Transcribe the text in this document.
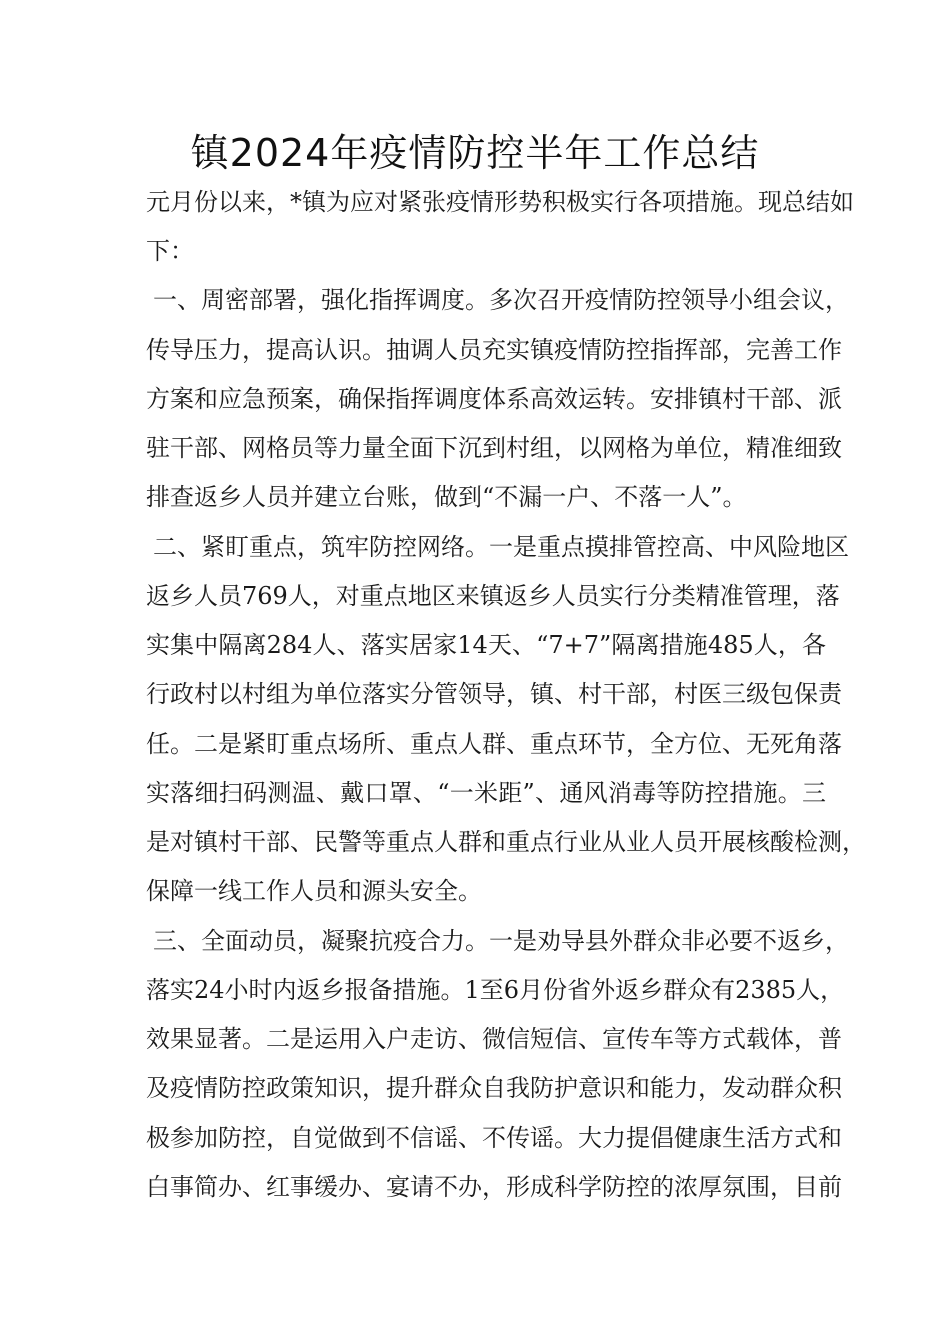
镇2024年疫情防控半年工作总结
元月份以来，*镇为应对紧张疫情形势积极实行各项措施。现总结如
下：
一、周密部署，强化指挥调度。多次召开疫情防控领导小组会议，
传导压力，提高认识。抽调人员充实镇疫情防控指挥部，完善工作
方案和应急预案，确保指挥调度体系高效运转。安排镇村干部、派
驻干部、网格员等力量全面下沉到村组，以网格为单位，精准细致
排查返乡人员并建立台账，做到“不漏一户、不落一人”。
二、紧盯重点，筑牢防控网络。一是重点摸排管控高、中风险地区
返乡人员769人，对重点地区来镇返乡人员实行分类精准管理，落
实集中隔离284人、落实居家14天、“7+7”隔离措施485人，各
行政村以村组为单位落实分管领导，镇、村干部，村医三级包保责
任。二是紧盯重点场所、重点人群、重点环节，全方位、无死角落
实落细扫码测温、戴口罩、“一米距”、通风消毒等防控措施。三
是对镇村干部、民警等重点人群和重点行业从业人员开展核酸检测，
保障一线工作人员和源头安全。
三、全面动员，凝聚抗疫合力。一是劝导县外群众非必要不返乡，
落实24小时内返乡报备措施。1至6月份省外返乡群众有2385人，
效果显著。二是运用入户走访、微信短信、宣传车等方式载体，普
及疫情防控政策知识，提升群众自我防护意识和能力，发动群众积
极参加防控，自觉做到不信谣、不传谣。大力提倡健康生活方式和
白事简办、红事缓办、宴请不办，形成科学防控的浓厚氛围，目前
